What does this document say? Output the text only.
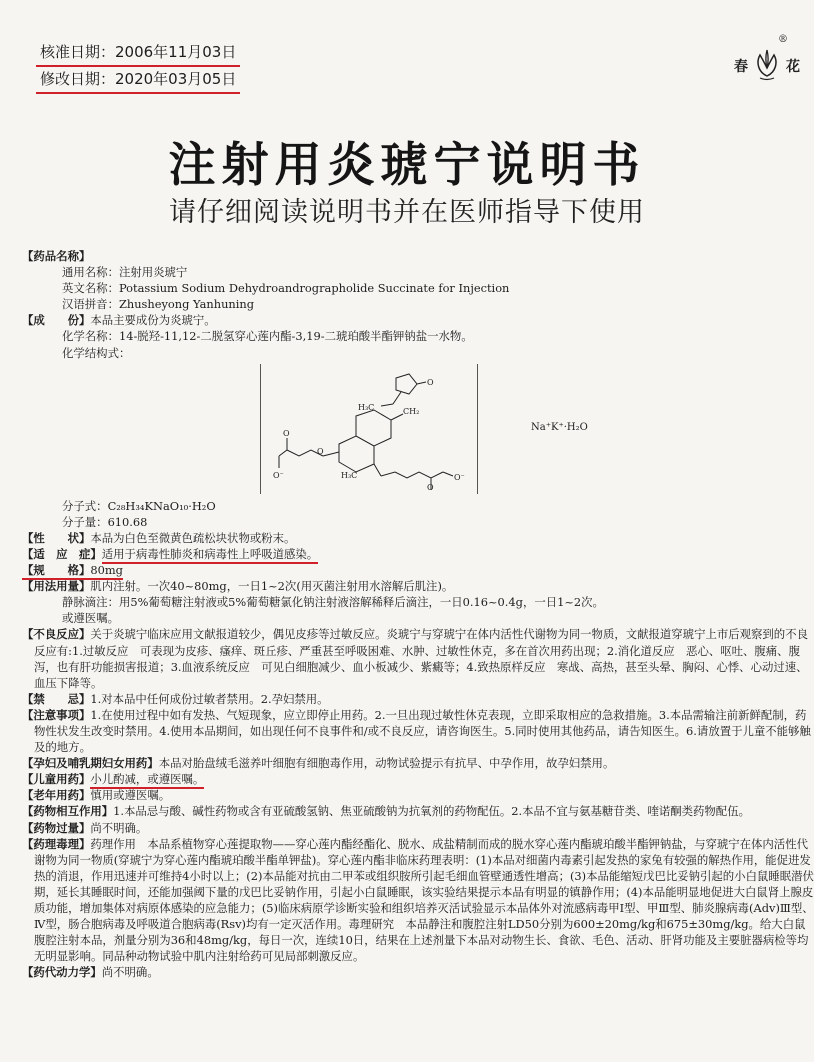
核准日期：2006年11月03日
修改日期：2020年03月05日
春	花
®
注射用炎琥宁说明书
请仔细阅读说明书并在医师指导下使用
【药品名称】
通用名称：注射用炎琥宁
英文名称：Potassium Sodium Dehydroandrographolide Succinate for Injection
汉语拼音：Zhusheyong Yanhuning
【成　　份】本品主要成份为炎琥宁。
化学名称：14-脱羟-11,12-二脱氢穿心莲内酯-3,19-二琥珀酸半酯钾钠盐一水物。
化学结构式：
O
H₃C	CH₂
H₃C
O
O
O
O⁻	O⁻
Na⁺K⁺·H₂O
分子式：C₂₈H₃₄KNaO₁₀·H₂O
分子量：610.68
【性　　状】本品为白色至微黄色疏松块状物或粉末。
【适　应　症】适用于病毒性肺炎和病毒性上呼吸道感染。
【规　　格】80mg
【用法用量】肌内注射。一次40~80mg，一日1~2次(用灭菌注射用水溶解后肌注)。
静脉滴注：用5%葡萄糖注射液或5%葡萄糖氯化钠注射液溶解稀释后滴注，一日0.16~0.4g，一日1~2次。
或遵医嘱。
【不良反应】关于炎琥宁临床应用文献报道较少，偶见皮疹等过敏反应。炎琥宁与穿琥宁在体内活性代谢物为同一物质，文献报道穿琥宁上市后观察到的不良反应有:1.过敏反应　可表现为皮疹、瘙痒、斑丘疹、严重甚至呼吸困难、水肿、过敏性休克，多在首次用药出现；2.消化道反应　恶心、呕吐、腹痛、腹泻，也有肝功能损害报道；3.血液系统反应　可见白细胞减少、血小板减少、紫癜等；4.致热原样反应　寒战、高热，甚至头晕、胸闷、心悸、心动过速、血压下降等。
【禁　　忌】1.对本品中任何成份过敏者禁用。2.孕妇禁用。
【注意事项】1.在使用过程中如有发热、气短现象，应立即停止用药。2.一旦出现过敏性休克表现，立即采取相应的急救措施。3.本品需输注前新鲜配制，药物性状发生改变时禁用。4.使用本品期间，如出现任何不良事件和/或不良反应，请咨询医生。5.同时使用其他药品，请告知医生。6.请放置于儿童不能够触及的地方。
【孕妇及哺乳期妇女用药】本品对胎盘绒毛滋养叶细胞有细胞毒作用，动物试验提示有抗早、中孕作用，故孕妇禁用。
【儿童用药】小儿酌减，或遵医嘱。
【老年用药】慎用或遵医嘱。
【药物相互作用】1.本品忌与酸、碱性药物或含有亚硫酸氢钠、焦亚硫酸钠为抗氧剂的药物配伍。2.本品不宜与氨基糖苷类、喹诺酮类药物配伍。
【药物过量】尚不明确。
【药理毒理】药理作用　本品系植物穿心莲提取物——穿心莲内酯经酯化、脱水、成盐精制而成的脱水穿心莲内酯琥珀酸半酯钾钠盐，与穿琥宁在体内活性代谢物为同一物质(穿琥宁为穿心莲内酯琥珀酸半酯单钾盐)。穿心莲内酯非临床药理表明：(1)本品对细菌内毒素引起发热的家兔有较强的解热作用，能促进发热的消退，作用迅速并可维持4小时以上；(2)本品能对抗由二甲苯或组织胺所引起毛细血管壁通透性增高；(3)本品能缩短戊巴比妥钠引起的小白鼠睡眠潜伏期，延长其睡眠时间，还能加强阈下量的戊巴比妥钠作用，引起小白鼠睡眠，该实验结果提示本品有明显的镇静作用；(4)本品能明显地促进大白鼠肾上腺皮质功能，增加集体对病原体感染的应急能力；(5)临床病原学诊断实验和组织培养灭活试验显示本品体外对流感病毒甲Ⅰ型、甲Ⅲ型、肺炎腺病毒(Adv)Ⅲ型、Ⅳ型，肠合胞病毒及呼吸道合胞病毒(Rsv)均有一定灭活作用。毒理研究　本品静注和腹腔注射LD50分别为600±20mg/kg和675±30mg/kg。给大白鼠腹腔注射本品，剂量分别为36和48mg/kg，每日一次，连续10日，结果在上述剂量下本品对动物生长、食欲、毛色、活动、肝肾功能及主要脏器病检等均无明显影响。同品种动物试验中肌内注射给药可见局部刺激反应。
【药代动力学】尚不明确。
